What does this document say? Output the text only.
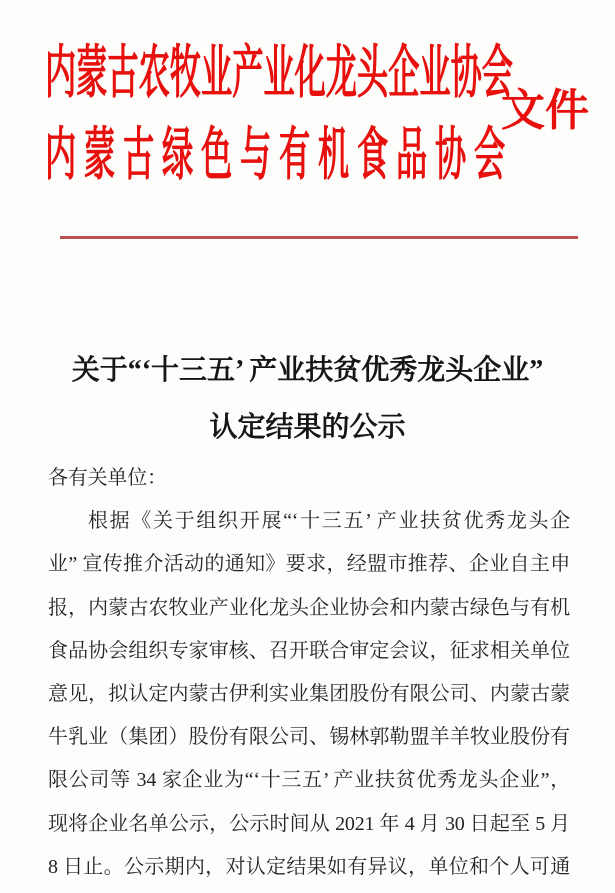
内蒙古农牧业产业化龙头企业协会
内蒙古绿色与有机食品协会
文件
关于“‘十三五’ 产业扶贫优秀龙头企业”
认定结果的公示
各有关单位：
根据《关于组织开展“‘十三五’ 产业扶贫优秀龙头企
业” 宣传推介活动的通知》要求，经盟市推荐、企业自主申
报，内蒙古农牧业产业化龙头企业协会和内蒙古绿色与有机
食品协会组织专家审核、召开联合审定会议，征求相关单位
意见，拟认定内蒙古伊利实业集团股份有限公司、内蒙古蒙
牛乳业（集团）股份有限公司、锡林郭勒盟羊羊牧业股份有
限公司等 34 家企业为“‘十三五’ 产业扶贫优秀龙头企业”，
现将企业名单公示，公示时间从 2021 年 4 月 30 日起至 5 月
8 日止。公示期内，对认定结果如有异议，单位和个人可通
